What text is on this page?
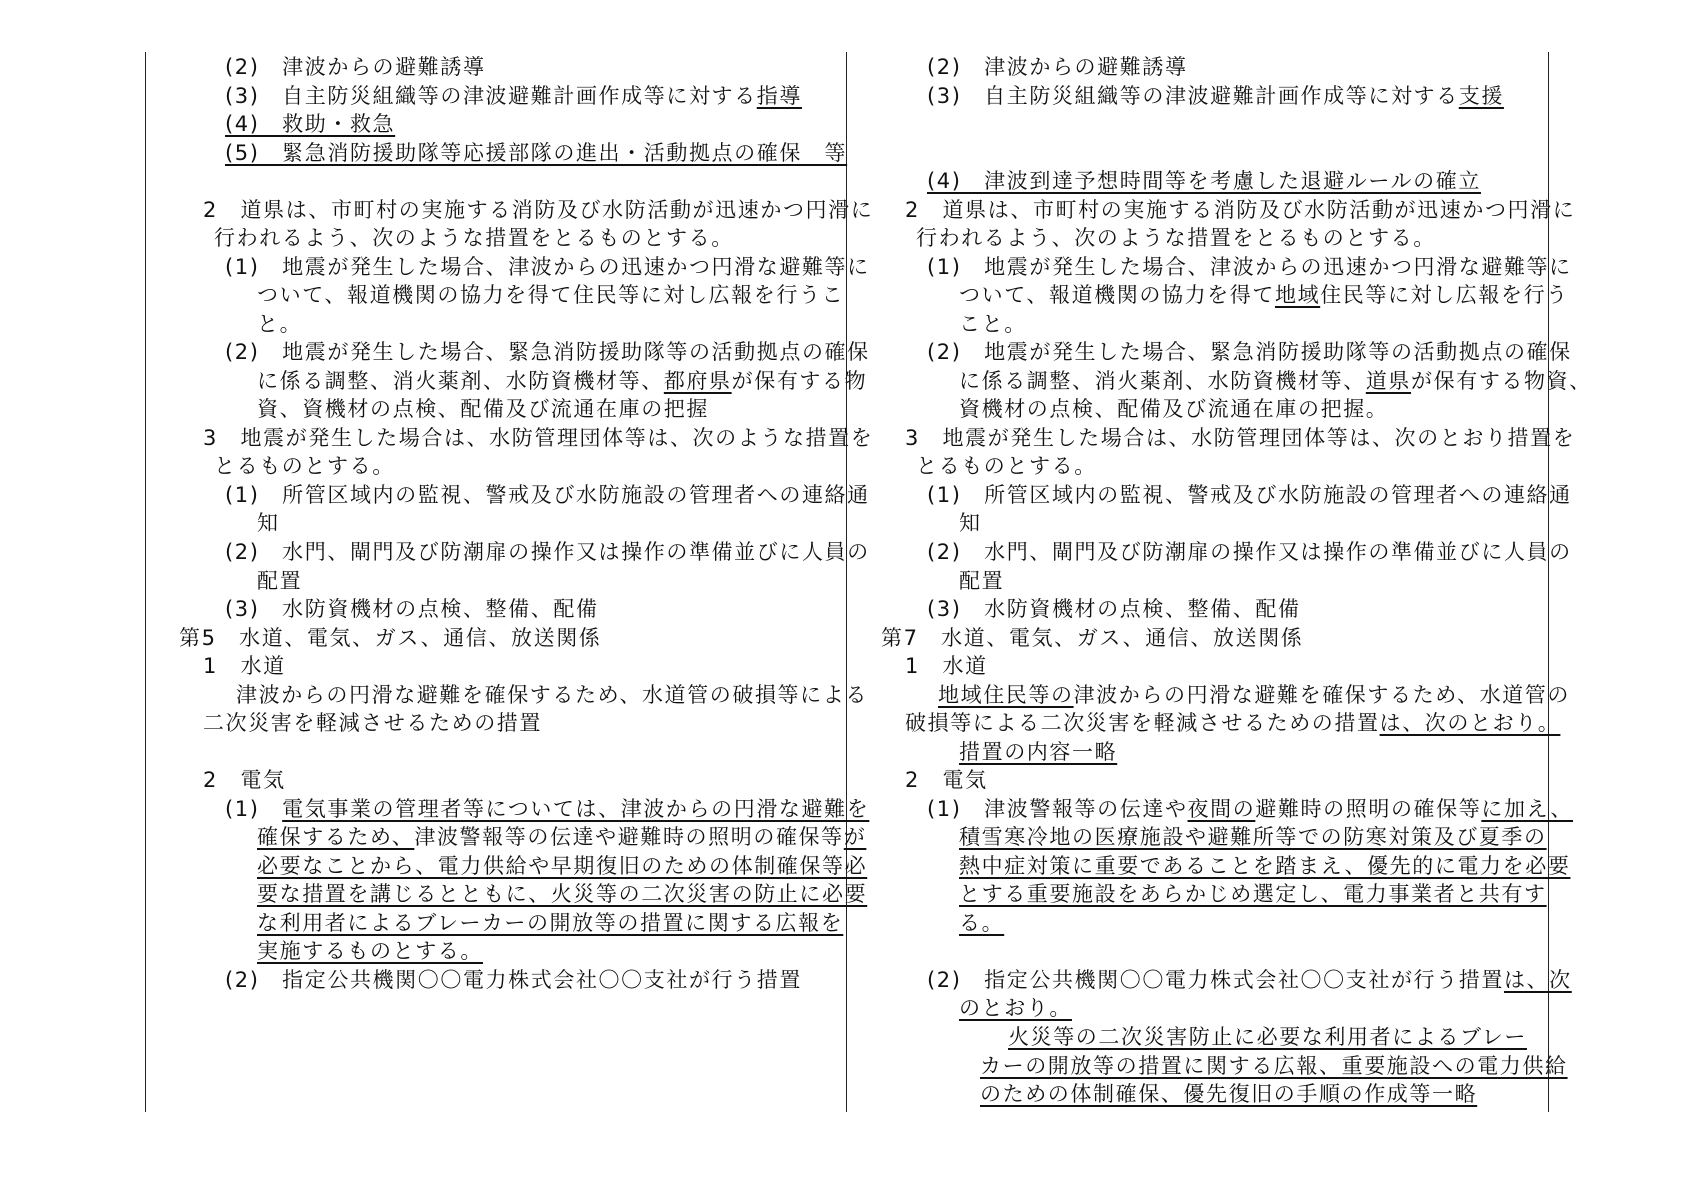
(2)　津波からの避難誘導
(3)　自主防災組織等の津波避難計画作成等に対する指導
(4)　救助・救急
(5)　緊急消防援助隊等応援部隊の進出・活動拠点の確保　等
2　道県は、市町村の実施する消防及び水防活動が迅速かつ円滑に
行われるよう、次のような措置をとるものとする。
(1)　地震が発生した場合、津波からの迅速かつ円滑な避難等に
ついて、報道機関の協力を得て住民等に対し広報を行うこ
と。
(2)　地震が発生した場合、緊急消防援助隊等の活動拠点の確保
に係る調整、消火薬剤、水防資機材等、都府県が保有する物
資、資機材の点検、配備及び流通在庫の把握
3　地震が発生した場合は、水防管理団体等は、次のような措置を
とるものとする。
(1)　所管区域内の監視、警戒及び水防施設の管理者への連絡通
知
(2)　水門、閘門及び防潮扉の操作又は操作の準備並びに人員の
配置
(3)　水防資機材の点検、整備、配備
第5　水道、電気、ガス、通信、放送関係
1　水道
津波からの円滑な避難を確保するため、水道管の破損等による
二次災害を軽減させるための措置
2　電気
(1)　電気事業の管理者等については、津波からの円滑な避難を
確保するため、津波警報等の伝達や避難時の照明の確保等が
必要なことから、電力供給や早期復旧のための体制確保等必
要な措置を講じるとともに、火災等の二次災害の防止に必要
な利用者によるブレーカーの開放等の措置に関する広報を
実施するものとする。
(2)　指定公共機関〇〇電力株式会社〇〇支社が行う措置
(2)　津波からの避難誘導
(3)　自主防災組織等の津波避難計画作成等に対する支援
(4)　津波到達予想時間等を考慮した退避ルールの確立
2　道県は、市町村の実施する消防及び水防活動が迅速かつ円滑に
行われるよう、次のような措置をとるものとする。
(1)　地震が発生した場合、津波からの迅速かつ円滑な避難等に
ついて、報道機関の協力を得て地域住民等に対し広報を行う
こと。
(2)　地震が発生した場合、緊急消防援助隊等の活動拠点の確保
に係る調整、消火薬剤、水防資機材等、道県が保有する物資、
資機材の点検、配備及び流通在庫の把握。
3　地震が発生した場合は、水防管理団体等は、次のとおり措置を
とるものとする。
(1)　所管区域内の監視、警戒及び水防施設の管理者への連絡通
知
(2)　水門、閘門及び防潮扉の操作又は操作の準備並びに人員の
配置
(3)　水防資機材の点検、整備、配備
第7　水道、電気、ガス、通信、放送関係
1　水道
地域住民等の津波からの円滑な避難を確保するため、水道管の
破損等による二次災害を軽減させるための措置は、次のとおり。
措置の内容一略
2　電気
(1)　津波警報等の伝達や夜間の避難時の照明の確保等に加え、
積雪寒冷地の医療施設や避難所等での防寒対策及び夏季の
熱中症対策に重要であることを踏まえ、優先的に電力を必要
とする重要施設をあらかじめ選定し、電力事業者と共有す
る。
(2)　指定公共機関〇〇電力株式会社〇〇支社が行う措置は、次
のとおり。
火災等の二次災害防止に必要な利用者によるブレー
カーの開放等の措置に関する広報、重要施設への電力供給
のための体制確保、優先復旧の手順の作成等一略
